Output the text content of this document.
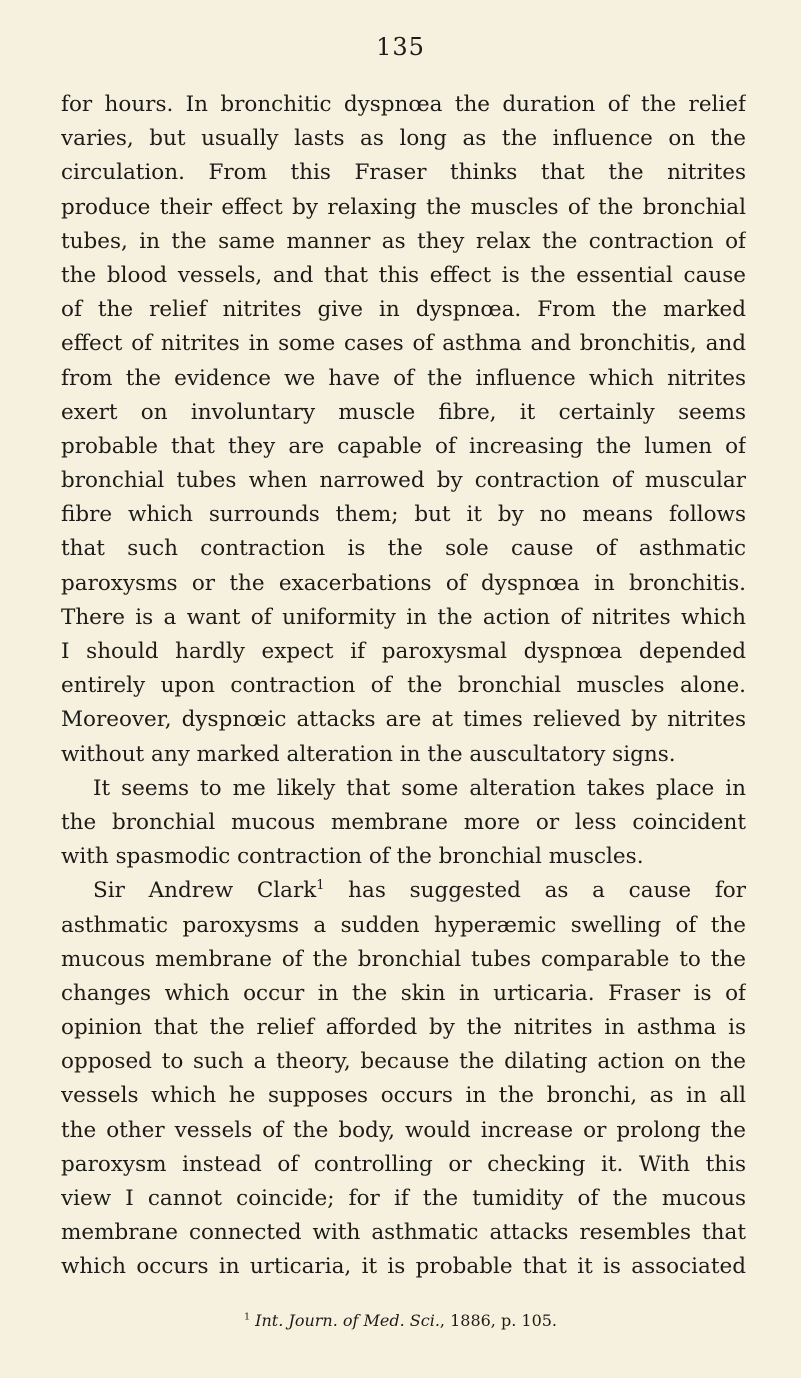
135
for hours. In bronchitic dyspnœa the duration of the relief
varies, but usually lasts as long as the influence on the
circulation. From this Fraser thinks that the nitrites
produce their effect by relaxing the muscles of the bronchial
tubes, in the same manner as they relax the contraction of
the blood vessels, and that this effect is the essential cause
of the relief nitrites give in dyspnœa. From the marked
effect of nitrites in some cases of asthma and bronchitis, and
from the evidence we have of the influence which nitrites
exert on involuntary muscle fibre, it certainly seems
probable that they are capable of increasing the lumen of
bronchial tubes when narrowed by contraction of muscular
fibre which surrounds them; but it by no means follows
that such contraction is the sole cause of asthmatic
paroxysms or the exacerbations of dyspnœa in bronchitis.
There is a want of uniformity in the action of nitrites which
I should hardly expect if paroxysmal dyspnœa depended
entirely upon contraction of the bronchial muscles alone.
Moreover, dyspnœic attacks are at times relieved by nitrites
without any marked alteration in the auscultatory signs.
It seems to me likely that some alteration takes place in
the bronchial mucous membrane more or less coincident
with spasmodic contraction of the bronchial muscles.
Sir Andrew Clark$^1$ has suggested as a cause for
asthmatic paroxysms a sudden hyperæmic swelling of the
mucous membrane of the bronchial tubes comparable to the
changes which occur in the skin in urticaria. Fraser is of
opinion that the relief afforded by the nitrites in asthma is
opposed to such a theory, because the dilating action on the
vessels which he supposes occurs in the bronchi, as in all
the other vessels of the body, would increase or prolong the
paroxysm instead of controlling or checking it. With this
view I cannot coincide; for if the tumidity of the mucous
membrane connected with asthmatic attacks resembles that
which occurs in urticaria, it is probable that it is associated
$^1$ Int. Journ. of Med. Sci., 1886, p. 105.
